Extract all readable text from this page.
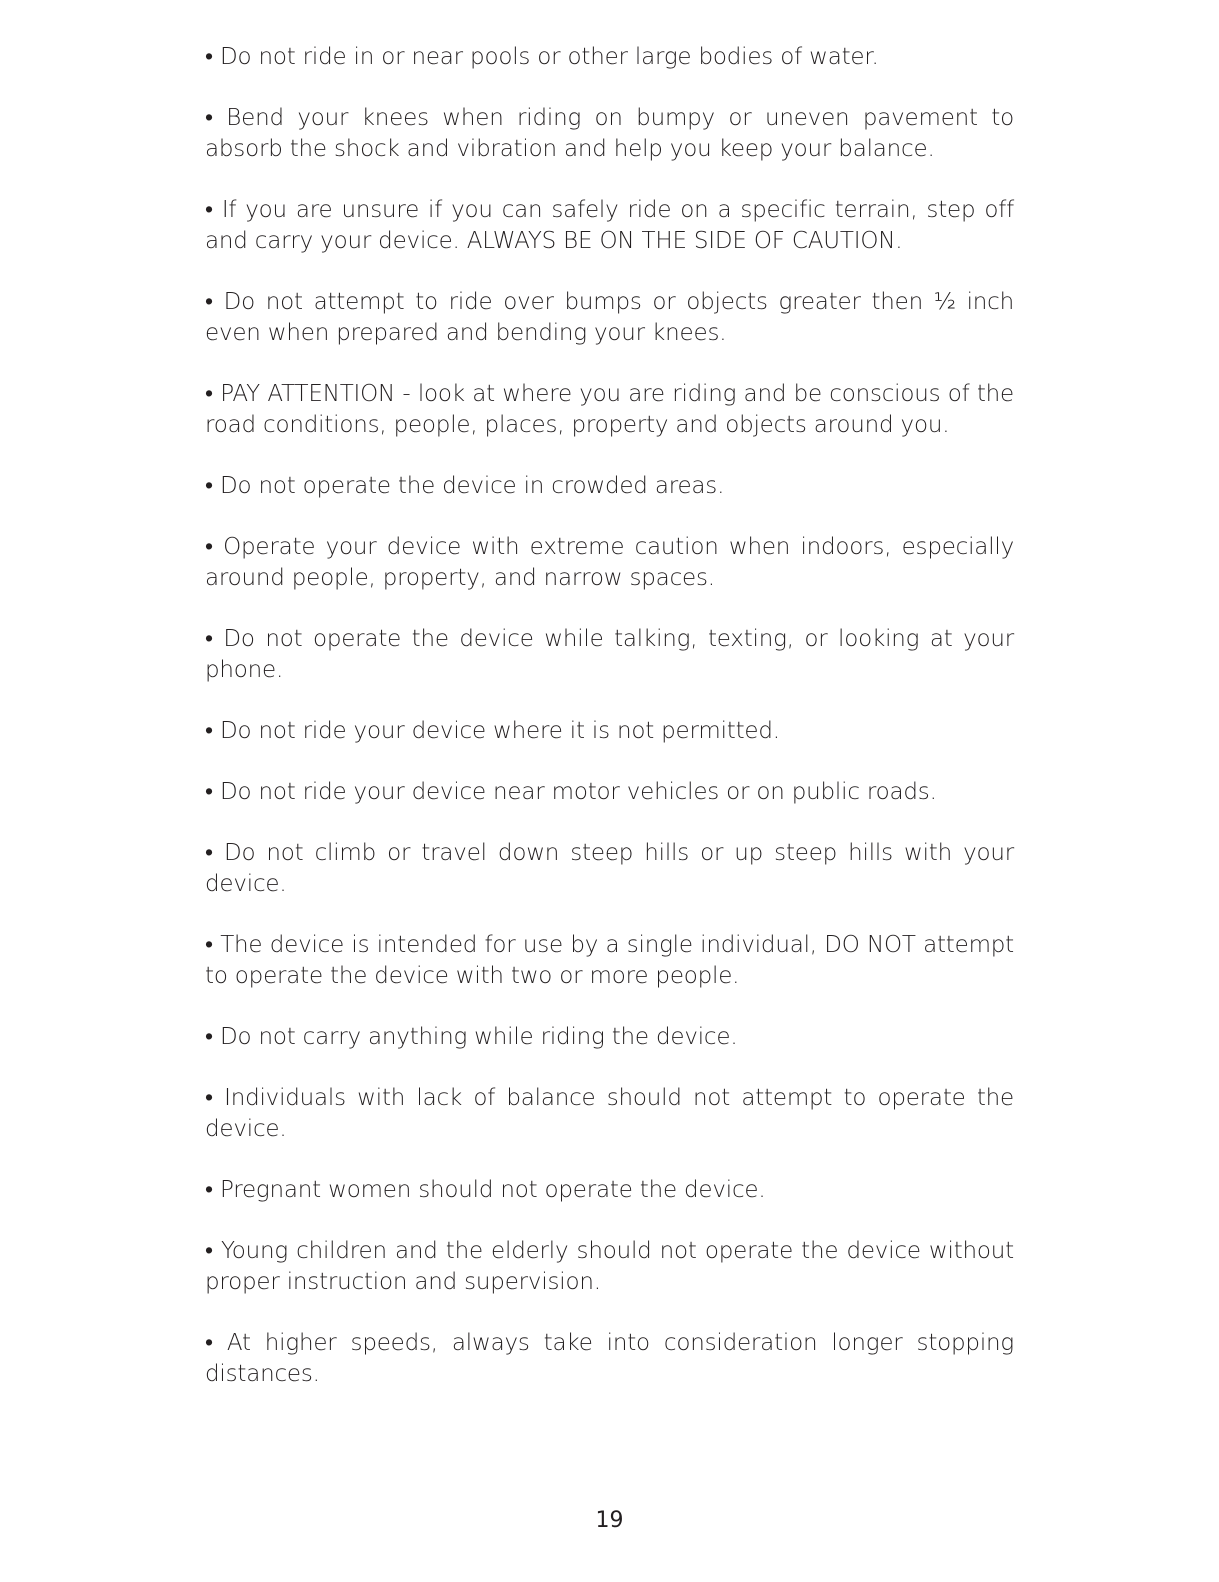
• Do not ride in or near pools or other large bodies of water.

• Bend your knees when riding on bumpy or uneven pavement to absorb the shock and vibration and help you keep your balance.

• If you are unsure if you can safely ride on a specific terrain, step off and carry your device. ALWAYS BE ON THE SIDE OF CAUTION.

• Do not attempt to ride over bumps or objects greater then ½ inch even when prepared and bending your knees.

• PAY ATTENTION - look at where you are riding and be conscious of the road conditions, people, places, property and objects around you.

• Do not operate the device in crowded areas.

• Operate your device with extreme caution when indoors, especially around people, property, and narrow spaces.

• Do not operate the device while talking, texting, or looking at your phone.

• Do not ride your device where it is not permitted.

• Do not ride your device near motor vehicles or on public roads.

• Do not climb or travel down steep hills or up steep hills with your device.

• The device is intended for use by a single individual, DO NOT attempt to operate the device with two or more people.

• Do not carry anything while riding the device.

• Individuals with lack of balance should not attempt to operate the device.

• Pregnant women should not operate the device.

• Young children and the elderly should not operate the device without proper instruction and supervision.

• At higher speeds, always take into consideration longer stopping distances.

19
